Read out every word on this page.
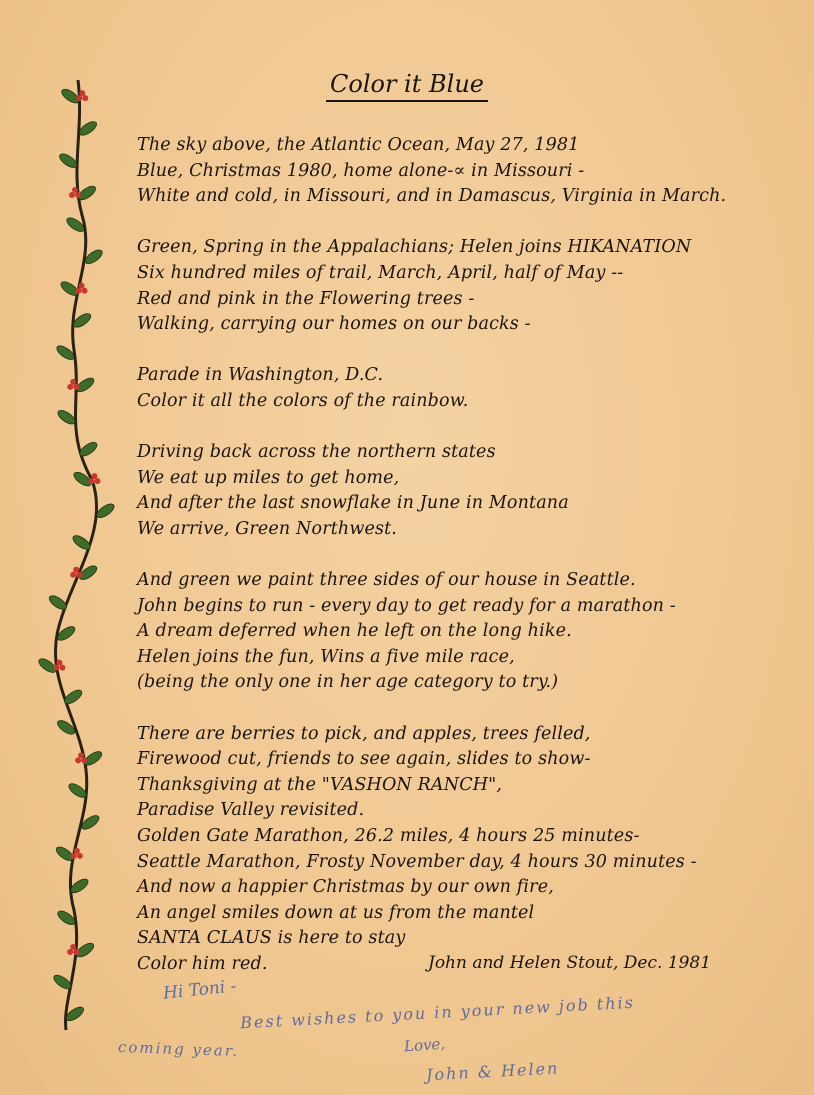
Color it Blue
The sky above, the Atlantic Ocean, May 27, 1981
Blue, Christmas 1980, home alone-∝ in Missouri -
White and cold, in Missouri, and in Damascus, Virginia in March.
Green, Spring in the Appalachians; Helen joins HIKANATION
Six hundred miles of trail, March, April, half of May --
Red and pink in the Flowering trees -
Walking, carrying our homes on our backs -
Parade in Washington, D.C.
Color it all the colors of the rainbow.
Driving back across the northern states
We eat up miles to get home,
And after the last snowflake in June in Montana
We arrive, Green Northwest.
And green we paint three sides of our house in Seattle.
John begins to run - every day to get ready for a marathon -
A dream deferred when he left on the long hike.
Helen joins the fun, Wins a five mile race,
(being the only one in her age category to try.)
There are berries to pick, and apples, trees felled,
Firewood cut, friends to see again, slides to show-
Thanksgiving at the "VASHON RANCH",
Paradise Valley revisited.
Golden Gate Marathon, 26.2 miles, 4 hours 25 minutes-
Seattle Marathon, Frosty November day, 4 hours 30 minutes -
And now a happier Christmas by our own fire,
An angel smiles down at us from the mantel
SANTA CLAUS is here to stay
Color him red.	John and Helen Stout, Dec. 1981
Hi Toni -
Best wishes to you in your new job this
coming year.	Love,
John & Helen
